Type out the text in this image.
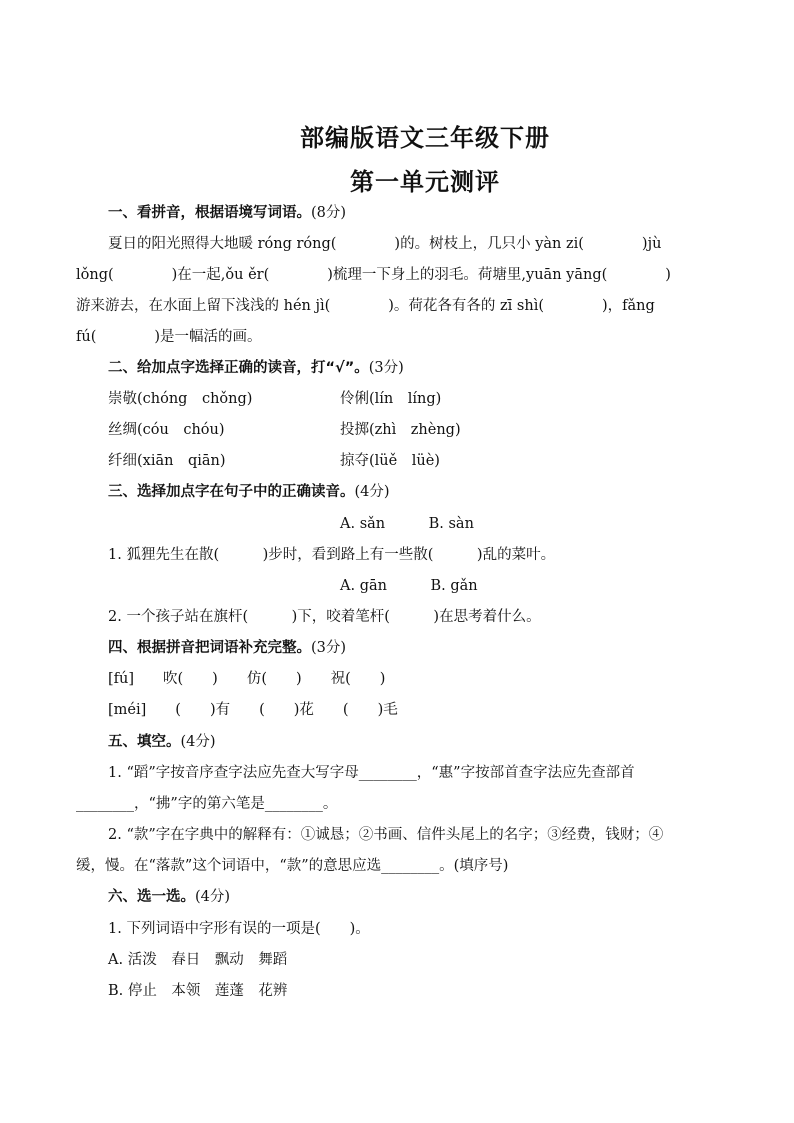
部编版语文三年级下册
第一单元测评
一、看拼音，根据语境写词语。(8分)
夏日的阳光照得大地暖 róng róng(　　　　)的。树枝上，几只小 yàn zi(　　　　)jù
lǒng(　　　　)在一起,ǒu ěr(　　　　)梳理一下身上的羽毛。荷塘里,yuān yāng(　　　　)
游来游去，在水面上留下浅浅的 hén jì(　　　　)。荷花各有各的 zī shì(　　　　)，fǎng
fú(　　　　)是一幅活的画。
二、给加点字选择正确的读音，打“√”。(3分)
崇敬(chóng　chǒng)	伶俐(lín　líng)
丝绸(cóu　chóu)	投掷(zhì　zhèng)
纤细(xiān　qiān)	掠夺(lüě　lüè)
三、选择加点字在句子中的正确读音。(4分)
A. sǎn　　　B. sàn
1. 狐狸先生在散(　　　)步时，看到路上有一些散(　　　)乱的菜叶。
A. gān　　　B. gǎn
2. 一个孩子站在旗杆(　　　)下，咬着笔杆(　　　)在思考着什么。
四、根据拼音把词语补充完整。(3分)
[fú]　　吹(　　)　　仿(　　)　　祝(　　)
[méi]　　(　　)有　　(　　)花　　(　　)毛
五、填空。(4分)
1. “蹈”字按音序查字法应先查大写字母________，“惠”字按部首查字法应先查部首
________，“拂”字的第六笔是________。
2. “款”字在字典中的解释有：①诚恳；②书画、信件头尾上的名字；③经费，钱财；④
缓，慢。在“落款”这个词语中，“款”的意思应选________。(填序号)
六、选一选。(4分)
1. 下列词语中字形有误的一项是(　　)。
A. 活泼　春日　飘动　舞蹈
B. 停止　本领　莲蓬　花辨
